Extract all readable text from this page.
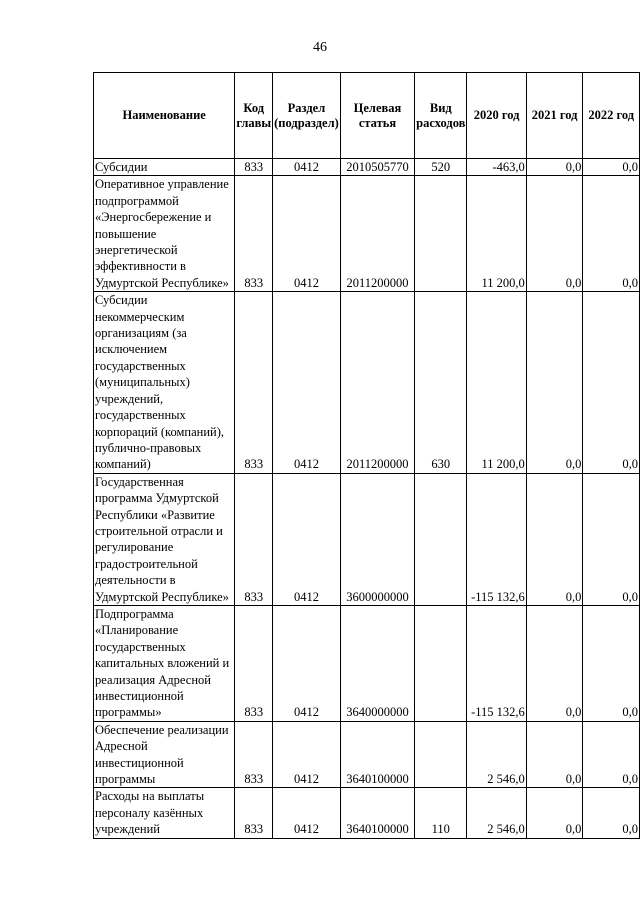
46
Наименование	Код главы	Раздел (подраздел)	Целевая статья	Вид расходов	2020 год	2021 год	2022 год
Субсидии	833	0412	2010505770	520	-463,0	0,0	0,0
Оперативное управление подпрограммой «Энергосбережение и повышение энергетической эффективности в Удмуртской Республике»	833	0412	2011200000		11 200,0	0,0	0,0
Субсидии некоммерческим организациям (за исключением государственных (муниципальных) учреждений, государственных корпораций (компаний), публично-правовых компаний)	833	0412	2011200000	630	11 200,0	0,0	0,0
Государственная программа Удмуртской Республики «Развитие строительной отрасли и регулирование градостроительной деятельности в Удмуртской Республике»	833	0412	3600000000		-115 132,6	0,0	0,0
Подпрограмма «Планирование государственных капитальных вложений и реализация Адресной инвестиционной программы»	833	0412	3640000000		-115 132,6	0,0	0,0
Обеспечение реализации Адресной инвестиционной программы	833	0412	3640100000		2 546,0	0,0	0,0
Расходы на выплаты персоналу казённых учреждений	833	0412	3640100000	110	2 546,0	0,0	0,0
